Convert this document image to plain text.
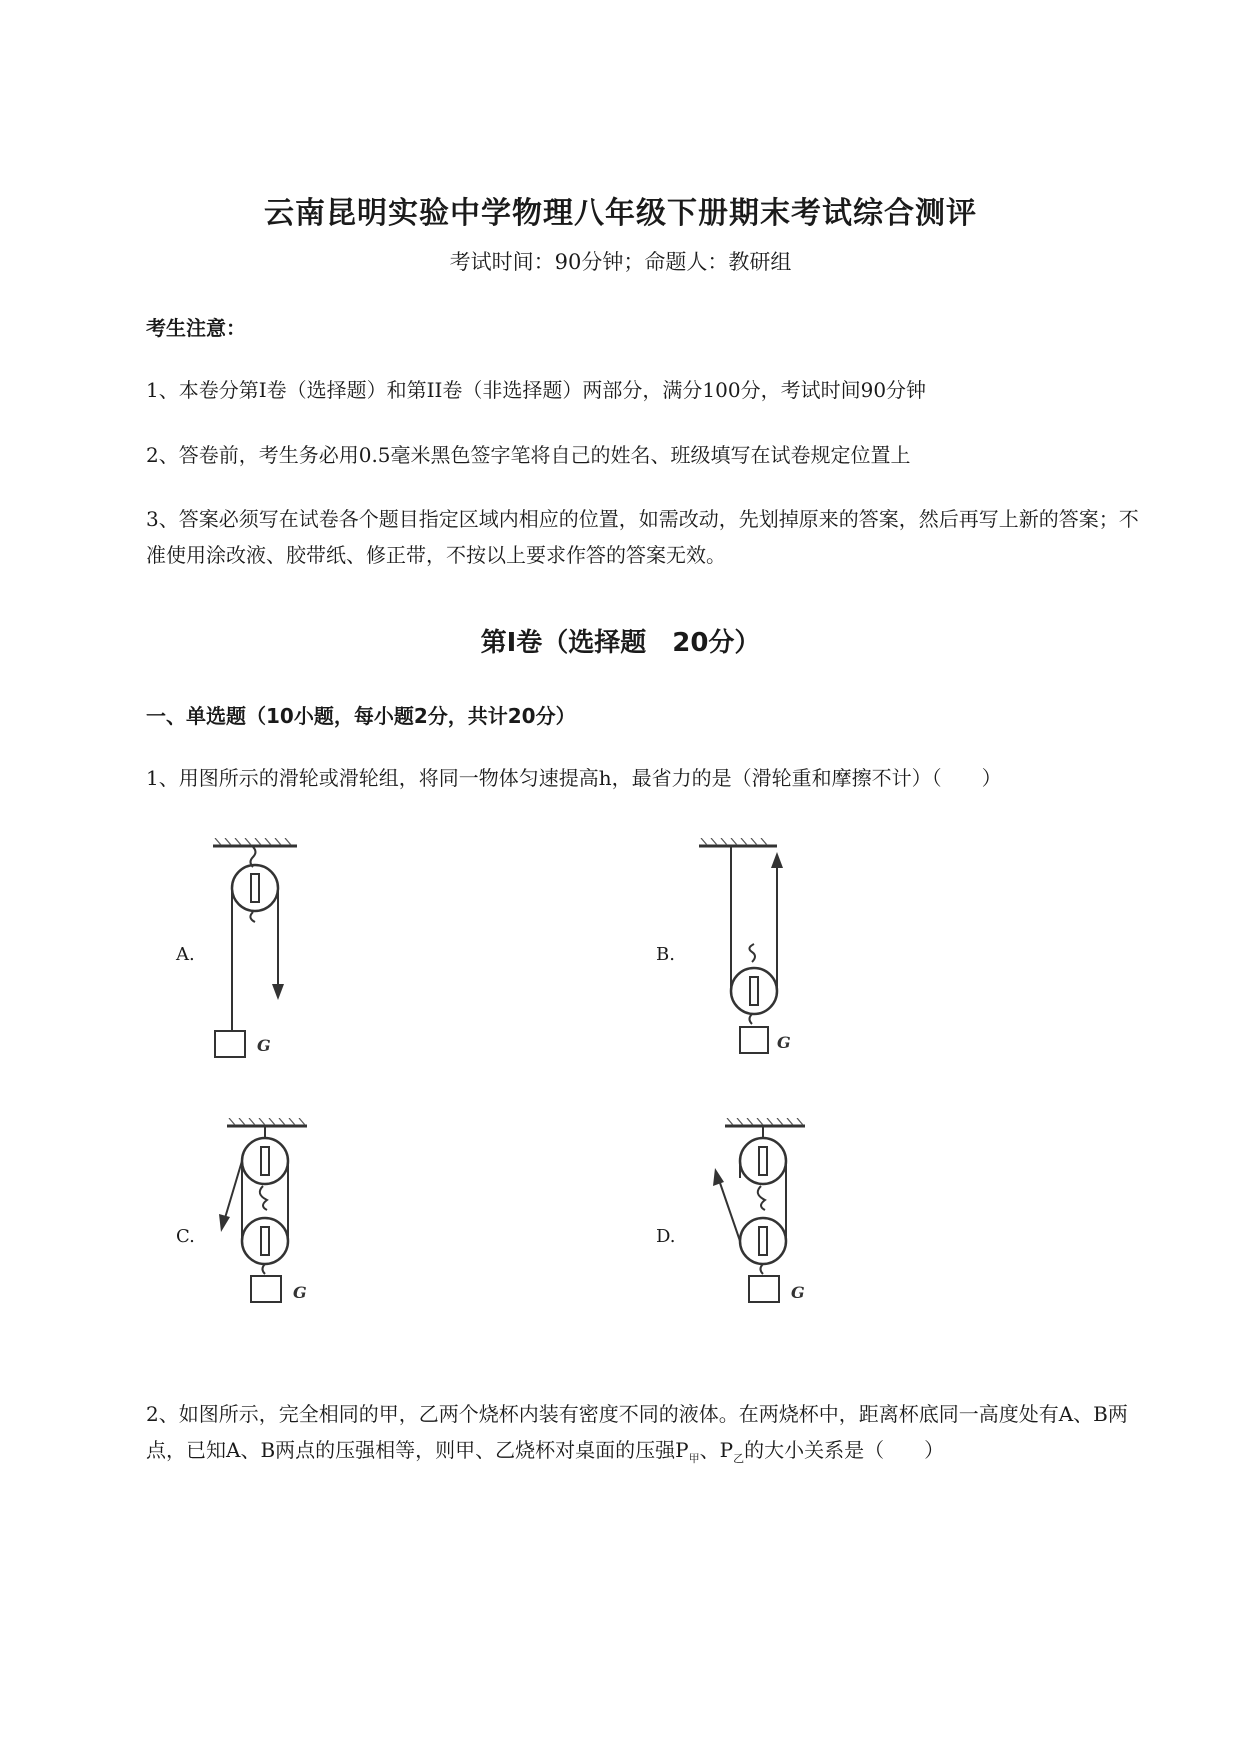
云南昆明实验中学物理八年级下册期末考试综合测评
考试时间：90分钟；命题人：教研组
考生注意：
1、本卷分第I卷（选择题）和第II卷（非选择题）两部分，满分100分，考试时间90分钟
2、答卷前，考生务必用0.5毫米黑色签字笔将自己的姓名、班级填写在试卷规定位置上
3、答案必须写在试卷各个题目指定区域内相应的位置，如需改动，先划掉原来的答案，然后再写上新的答案；不准使用涂改液、胶带纸、修正带，不按以上要求作答的答案无效。
第I卷（选择题　20分）
一、单选题（10小题，每小题2分，共计20分）
1、用图所示的滑轮或滑轮组，将同一物体匀速提高h，最省力的是（滑轮重和摩擦不计）（　　）
A.
G
B.
G
C.
G
D.
G
2、如图所示，完全相同的甲，乙两个烧杯内装有密度不同的液体。在两烧杯中，距离杯底同一高度处有A、B两点，已知A、B两点的压强相等，则甲、乙烧杯对桌面的压强$P_甲$、$P_乙$的大小关系是（　　）
